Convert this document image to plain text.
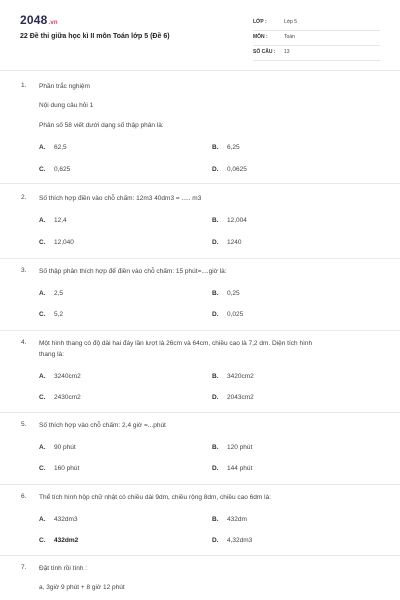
2048.vn
22 Đề thi giữa học kì II môn Toán lớp 5 (Đề 6)
LỚP :	Lớp 5
MÔN :	Toán
SỐ CÂU : 13
1. Phần trắc nghiệm
Nội dung câu hỏi 1
Phân số 58 viết dưới dạng số thập phân là:
A. 62,5	B. 6,25
C. 0,625	D. 0,0625
2. Số thích hợp điền vào chỗ chấm: 12m3 40dm3 = ..... m3
A. 12,4	B. 12,004
C. 12,040	D. 1240
3. Số thập phân thích hợp để điền vào chỗ chấm: 15 phút=....giờ là:
A. 2,5	B. 0,25
C. 5,2	D. 0,025
4. Một hình thang có độ dài hai đáy lần lượt là 26cm và 64cm, chiều cao là 7,2 dm. Diện tích hình
thang là:
A. 3240cm2	B. 3420cm2
C. 2430cm2	D. 2043cm2
5. Số thích hợp vào chỗ chấm: 2,4 giờ =...phút
A. 90 phút	B. 120 phút
C. 160 phút	D. 144 phút
6. Thể tích hình hộp chữ nhật có chiều dài 9dm, chiều rộng 8dm, chiều cao 6dm là:
A. 432dm3	B. 432dm
C. 432dm2	D. 4,32dm3
7. Đặt tính rồi tính :
a, 3giờ 9 phút + 8 giờ 12 phút
